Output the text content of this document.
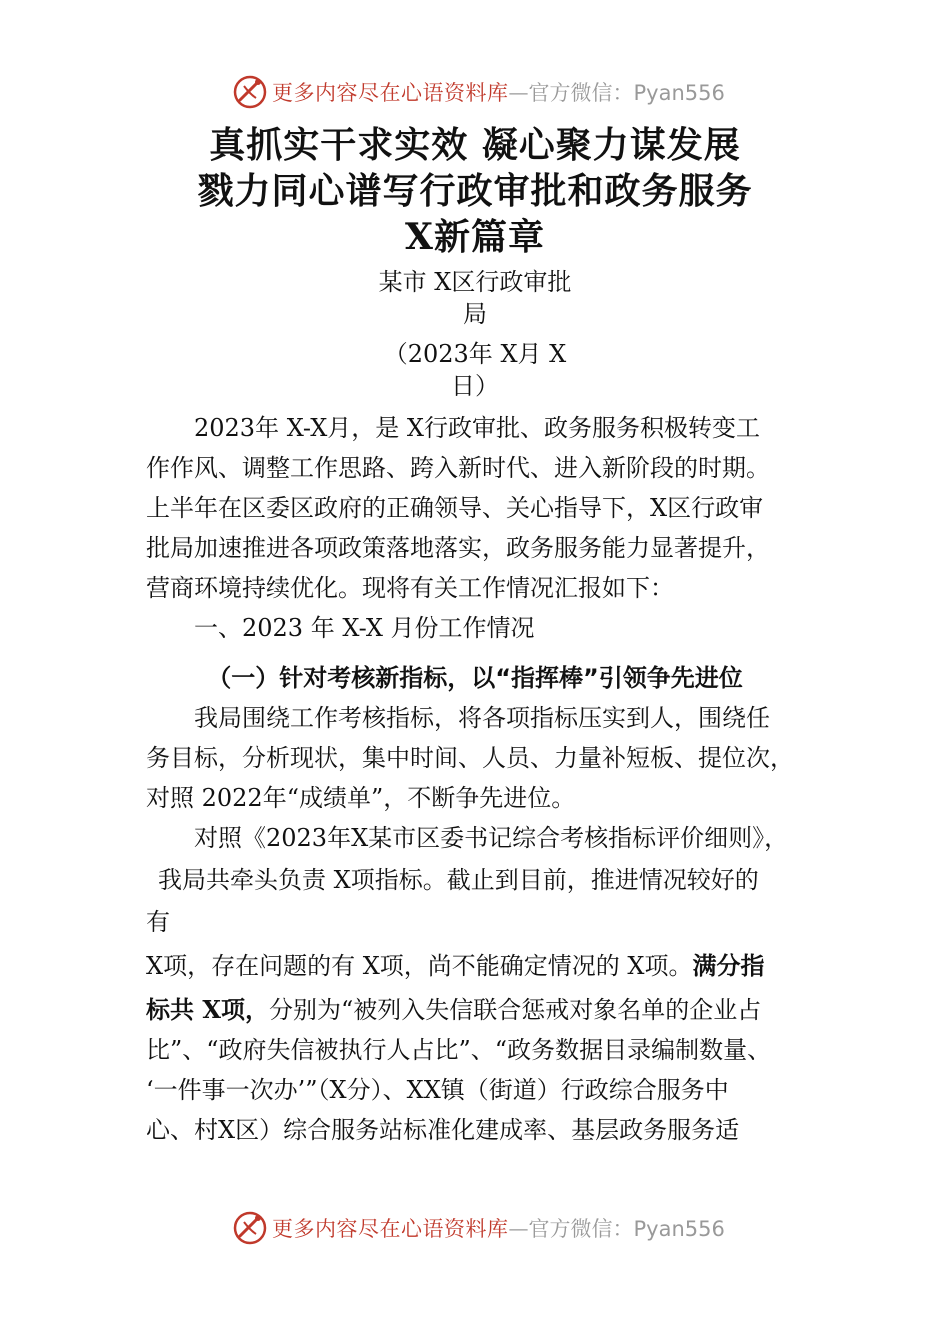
更多内容尽在心语资料库 — 官方微信：Pyan556
真抓实干求实效 凝心聚力谋发展
戮力同心谱写行政审批和政务服务
X新篇章
某市 X区行政审批
局
（2023年 X月 X
日）
2023年 X-X月，是 X行政审批、政务服务积极转变工
作作风、调整工作思路、跨入新时代、进入新阶段的时期。
上半年在区委区政府的正确领导、关心指导下，X区行政审
批局加速推进各项政策落地落实，政务服务能力显著提升，
营商环境持续优化。现将有关工作情况汇报如下：
一、2023 年 X-X 月份工作情况
（一）针对考核新指标，以“指挥棒”引领争先进位
我局围绕工作考核指标，将各项指标压实到人，围绕任
务目标，分析现状，集中时间、人员、力量补短板、提位次，
对照 2022年“成绩单”，不断争先进位。
对照《2023年X某市区委书记综合考核指标评价细则》，
我局共牵头负责 X项指标。截止到目前，推进情况较好的
有
X项，存在问题的有 X项，尚不能确定情况的 X项。满分指
标共 X项，分别为“被列入失信联合惩戒对象名单的企业占
比”、“政府失信被执行人占比”、“政务数据目录编制数量、
‘一件事一次办’”（X分）、XX镇（街道）行政综合服务中
心、村X区）综合服务站标准化建成率、基层政务服务适
更多内容尽在心语资料库 — 官方微信：Pyan556
